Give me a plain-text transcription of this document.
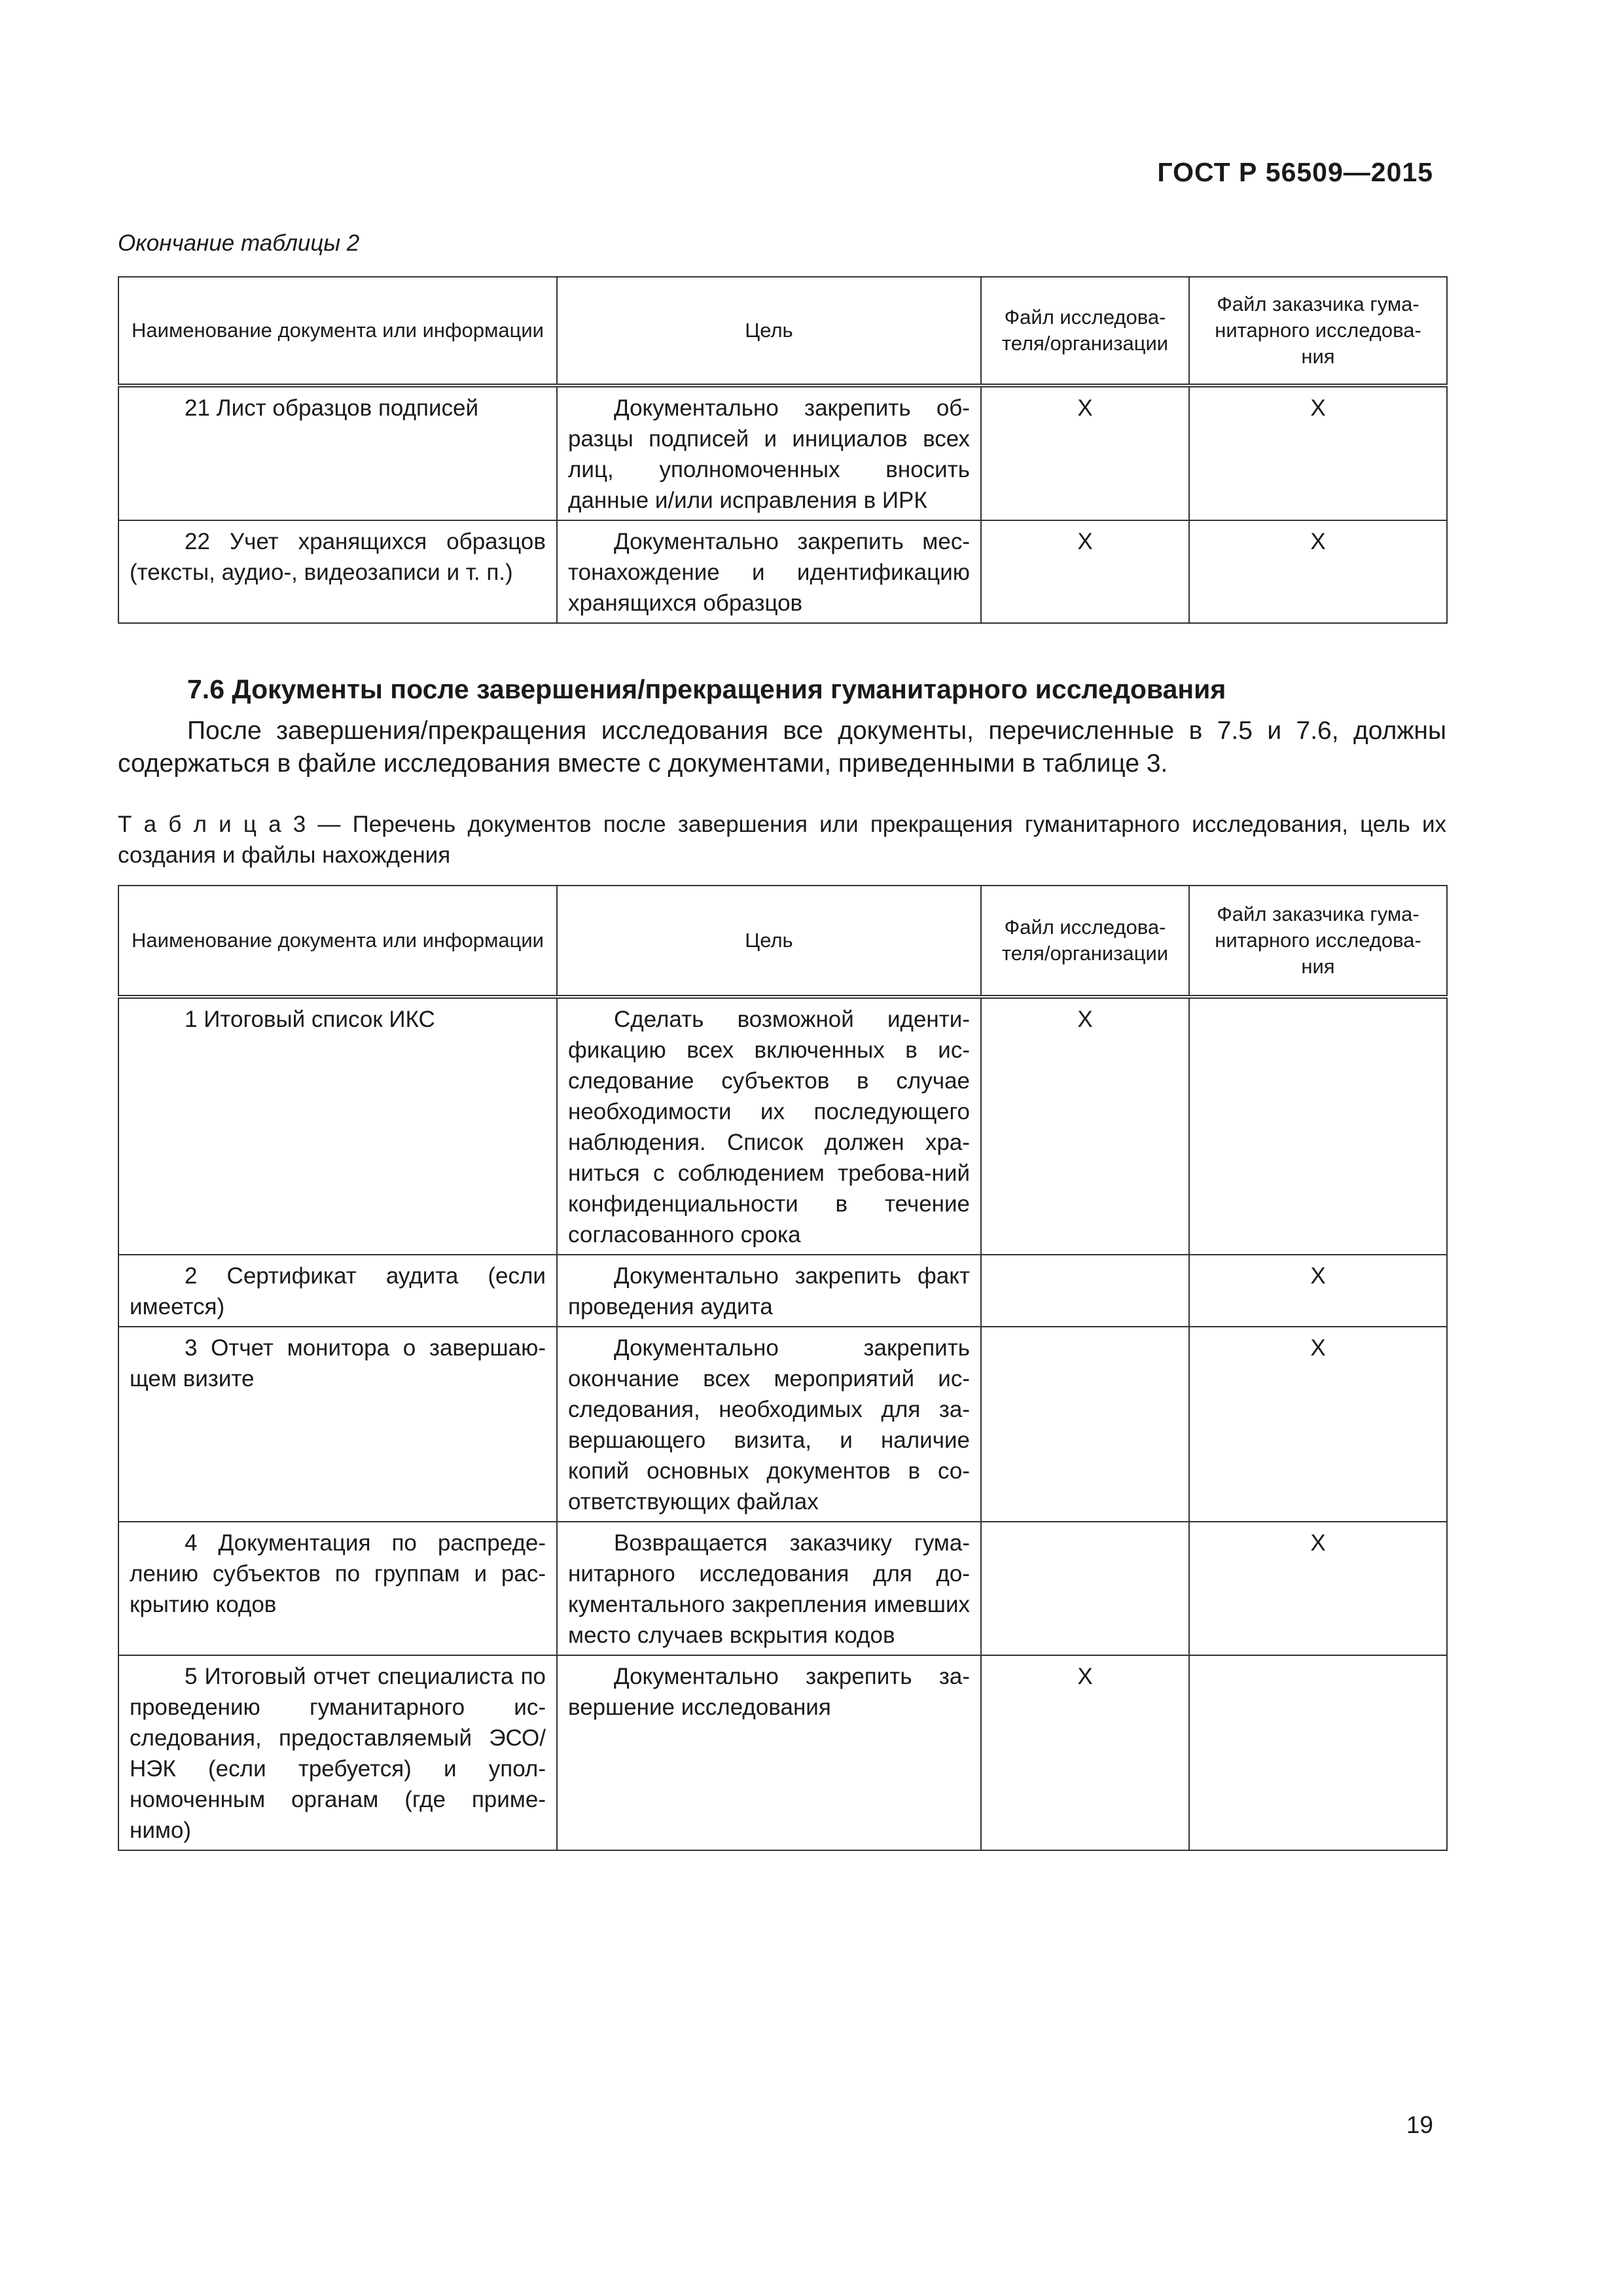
ГОСТ Р 56509—2015
Окончание таблицы 2
Наименование документа или информации	Цель	Файл исследова-теля/организации	Файл заказчика гума-нитарного исследова-ния
21 Лист образцов подписей	Документально закрепить об-разцы подписей и инициалов всех лиц, уполномоченных вносить данные и/или исправления в ИРК	X	X
22 Учет хранящихся образцов (тексты, аудио-, видеозаписи и т. п.)	Документально закрепить мес-тонахождение и идентификацию хранящихся образцов	X	X
7.6 Документы после завершения/прекращения гуманитарного исследования
После завершения/прекращения исследования все документы, перечисленные в 7.5 и 7.6, должны содержаться в файле исследования вместе с документами, приведенными в таблице 3.
Т а б л и ц а 3 — Перечень документов после завершения или прекращения гуманитарного исследования, цель их создания и файлы нахождения
Наименование документа или информации	Цель	Файл исследова-теля/организации	Файл заказчика гума-нитарного исследова-ния
1 Итоговый список ИКС	Сделать возможной иденти-фикацию всех включенных в ис-следование субъектов в случае необходимости их последующего наблюдения. Список должен хра-ниться с соблюдением требова-ний конфиденциальности в течение согласованного срока	X	
2 Сертификат аудита (если имеется)	Документально закрепить факт проведения аудита		X
3 Отчет монитора о завершаю-щем визите	Документально закрепить окончание всех мероприятий ис-следования, необходимых для за-вершающего визита, и наличие копий основных документов в со-ответствующих файлах		X
4 Документация по распреде-лению субъектов по группам и рас-крытию кодов	Возвращается заказчику гума-нитарного исследования для до-кументального закрепления имевших место случаев вскрытия кодов		X
5 Итоговый отчет специалиста по проведению гуманитарного ис-следования, предоставляемый ЭСО/НЭК (если требуется) и упол-номоченным органам (где приме-нимо)	Документально закрепить за-вершение исследования	X	
19
